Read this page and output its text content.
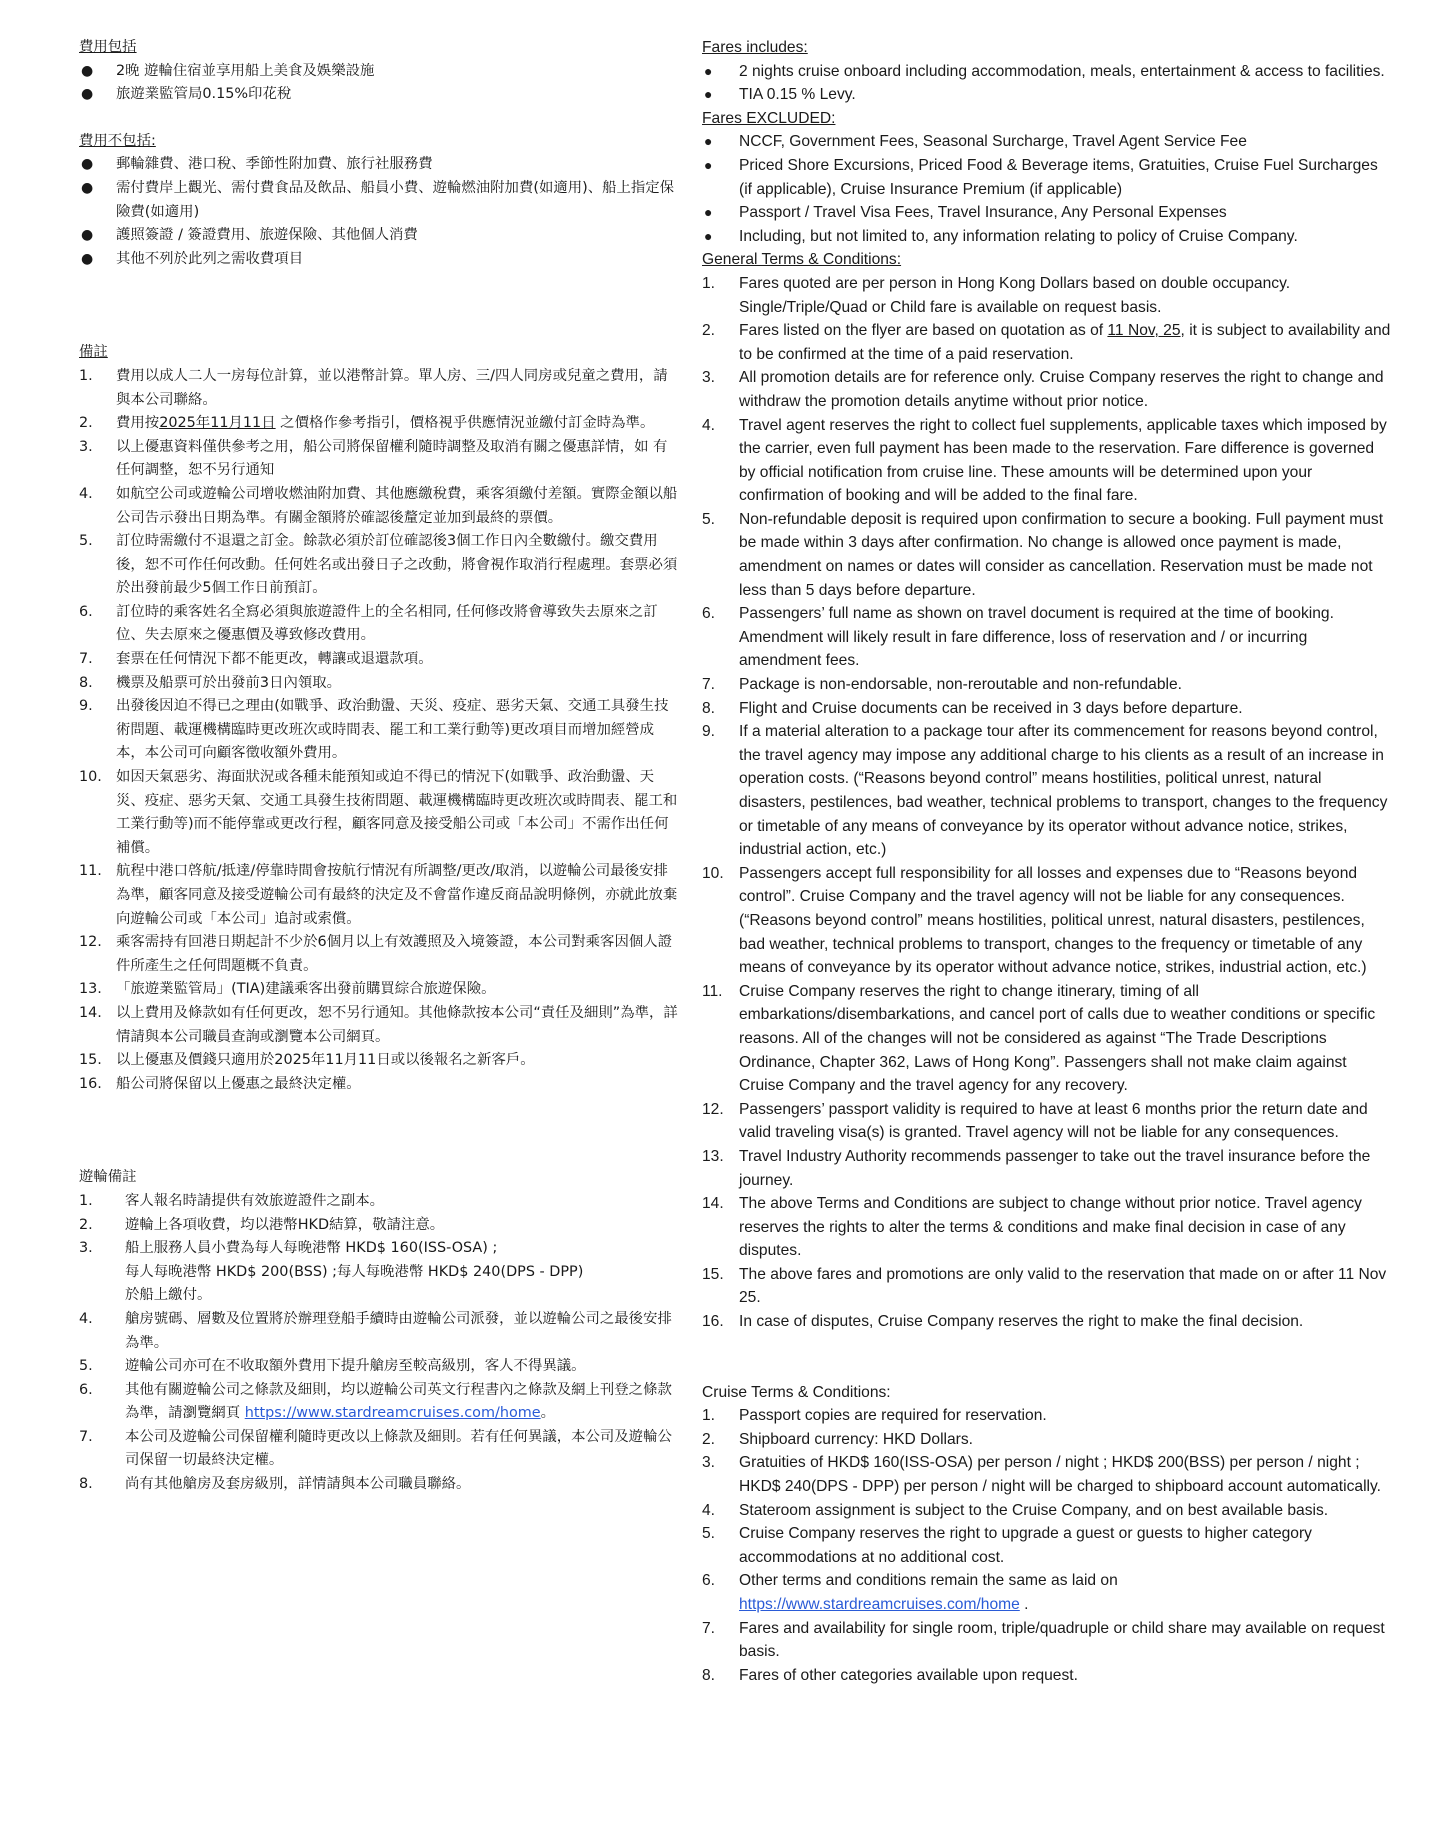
費用包括
● 2晚 遊輪住宿並享用船上美食及娛樂設施
● 旅遊業監管局0.15%印花稅
費用不包括:
● 郵輪雜費、港口稅、季節性附加費、旅行社服務費
● 需付費岸上觀光、需付費食品及飲品、船員小費、遊輪燃油附加費(如適用)、船上指定保險費(如適用)
● 護照簽證 / 簽證費用、旅遊保險、其他個人消費
● 其他不列於此列之需收費項目
備註
1. 費用以成人二人一房每位計算，並以港幣計算。單人房、三/四人同房或兒童之費用，請與本公司聯絡。
2. 費用按2025年11月11日 之價格作參考指引，價格視乎供應情況並繳付訂金時為準。
3. 以上優惠資料僅供參考之用，船公司將保留權利隨時調整及取消有關之優惠詳情，如 有任何調整，恕不另行通知
4. 如航空公司或遊輪公司增收燃油附加費、其他應繳稅費，乘客須繳付差額。實際金額以船公司告示發出日期為準。有關金額將於確認後釐定並加到最終的票價。
5. 訂位時需繳付不退還之訂金。餘款必須於訂位確認後3個工作日內全數繳付。繳交費用後，恕不可作任何改動。任何姓名或出發日子之改動，將會視作取消行程處理。套票必須於出發前最少5個工作日前預訂。
6. 訂位時的乘客姓名全寫必須與旅遊證件上的全名相同, 任何修改將會導致失去原來之訂位、失去原來之優惠價及導致修改費用。
7. 套票在任何情況下都不能更改，轉讓或退還款項。
8. 機票及船票可於出發前3日內領取。
9. 出發後因迫不得已之理由(如戰爭、政治動盪、天災、疫症、惡劣天氣、交通工具發生技術問題、載運機構臨時更改班次或時間表、罷工和工業行動等)更改項目而增加經營成本，本公司可向顧客徵收額外費用。
10. 如因天氣惡劣、海面狀況或各種未能預知或迫不得已的情況下(如戰爭、政治動盪、天災、疫症、惡劣天氣、交通工具發生技術問題、載運機構臨時更改班次或時間表、罷工和工業行動等)而不能停靠或更改行程，顧客同意及接受船公司或「本公司」不需作出任何補償。
11. 航程中港口啓航/抵達/停靠時間會按航行情況有所調整/更改/取消，以遊輪公司最後安排為準，顧客同意及接受遊輪公司有最終的決定及不會當作違反商品說明條例，亦就此放棄向遊輪公司或「本公司」追討或索償。
12. 乘客需持有回港日期起計不少於6個月以上有效護照及入境簽證，本公司對乘客因個人證件所產生之任何問題概不負責。
13. 「旅遊業監管局」(TIA)建議乘客出發前購買綜合旅遊保險。
14. 以上費用及條款如有任何更改，恕不另行通知。其他條款按本公司“責任及細則”為準，詳情請與本公司職員查詢或瀏覽本公司網頁。
15. 以上優惠及價錢只適用於2025年11月11日或以後報名之新客戶。
16. 船公司將保留以上優惠之最終決定權。
遊輪備註
1. 客人報名時請提供有效旅遊證件之副本。
2. 遊輪上各項收費，均以港幣HKD結算，敬請注意。
3. 船上服務人員小費為每人每晚港幣 HKD$ 160(ISS-OSA) ;
每人每晚港幣 HKD$ 200(BSS) ;每人每晚港幣 HKD$ 240(DPS - DPP)
於船上繳付。
4. 艙房號碼、層數及位置將於辦理登船手續時由遊輪公司派發，並以遊輪公司之最後安排為準。
5. 遊輪公司亦可在不收取額外費用下提升艙房至較高級別，客人不得異議。
6. 其他有關遊輪公司之條款及細則，均以遊輪公司英文行程書內之條款及網上刊登之條款為準，請瀏覽網頁 https://www.stardreamcruises.com/home。
7. 本公司及遊輪公司保留權利隨時更改以上條款及細則。若有任何異議，本公司及遊輪公司保留一切最終決定權。
8. 尚有其他艙房及套房級別，詳情請與本公司職員聯絡。
Fares includes:
● 2 nights cruise onboard including accommodation, meals, entertainment & access to facilities.
● TIA 0.15 % Levy.
Fares EXCLUDED:
● NCCF, Government Fees, Seasonal Surcharge, Travel Agent Service Fee
● Priced Shore Excursions, Priced Food & Beverage items, Gratuities, Cruise Fuel Surcharges (if applicable), Cruise Insurance Premium (if applicable)
● Passport / Travel Visa Fees, Travel Insurance, Any Personal Expenses
● Including, but not limited to, any information relating to policy of Cruise Company.
General Terms & Conditions:
1. Fares quoted are per person in Hong Kong Dollars based on double occupancy. Single/Triple/Quad or Child fare is available on request basis.
2. Fares listed on the flyer are based on quotation as of 11 Nov, 25, it is subject to availability and to be confirmed at the time of a paid reservation.
3. All promotion details are for reference only. Cruise Company reserves the right to change and withdraw the promotion details anytime without prior notice.
4. Travel agent reserves the right to collect fuel supplements, applicable taxes which imposed by the carrier, even full payment has been made to the reservation. Fare difference is governed by official notification from cruise line. These amounts will be determined upon your confirmation of booking and will be added to the final fare.
5. Non-refundable deposit is required upon confirmation to secure a booking. Full payment must be made within 3 days after confirmation. No change is allowed once payment is made, amendment on names or dates will consider as cancellation. Reservation must be made not less than 5 days before departure.
6. Passengers’ full name as shown on travel document is required at the time of booking. Amendment will likely result in fare difference, loss of reservation and / or incurring amendment fees.
7. Package is non-endorsable, non-reroutable and non-refundable.
8. Flight and Cruise documents can be received in 3 days before departure.
9. If a material alteration to a package tour after its commencement for reasons beyond control, the travel agency may impose any additional charge to his clients as a result of an increase in operation costs. (“Reasons beyond control” means hostilities, political unrest, natural disasters, pestilences, bad weather, technical problems to transport, changes to the frequency or timetable of any means of conveyance by its operator without advance notice, strikes, industrial action, etc.)
10. Passengers accept full responsibility for all losses and expenses due to “Reasons beyond control”. Cruise Company and the travel agency will not be liable for any consequences. (“Reasons beyond control” means hostilities, political unrest, natural disasters, pestilences, bad weather, technical problems to transport, changes to the frequency or timetable of any means of conveyance by its operator without advance notice, strikes, industrial action, etc.)
11. Cruise Company reserves the right to change itinerary, timing of all embarkations/disembarkations, and cancel port of calls due to weather conditions or specific reasons. All of the changes will not be considered as against “The Trade Descriptions Ordinance, Chapter 362, Laws of Hong Kong”. Passengers shall not make claim against Cruise Company and the travel agency for any recovery.
12. Passengers’ passport validity is required to have at least 6 months prior the return date and valid traveling visa(s) is granted. Travel agency will not be liable for any consequences.
13. Travel Industry Authority recommends passenger to take out the travel insurance before the journey.
14. The above Terms and Conditions are subject to change without prior notice. Travel agency reserves the rights to alter the terms & conditions and make final decision in case of any disputes.
15. The above fares and promotions are only valid to the reservation that made on or after 11 Nov 25.
16. In case of disputes, Cruise Company reserves the right to make the final decision.
Cruise Terms & Conditions:
1. Passport copies are required for reservation.
2. Shipboard currency: HKD Dollars.
3. Gratuities of HKD$ 160(ISS-OSA) per person / night ; HKD$ 200(BSS) per person / night ; HKD$ 240(DPS - DPP) per person / night will be charged to shipboard account automatically.
4. Stateroom assignment is subject to the Cruise Company, and on best available basis.
5. Cruise Company reserves the right to upgrade a guest or guests to higher category accommodations at no additional cost.
6. Other terms and conditions remain the same as laid on
https://www.stardreamcruises.com/home .
7. Fares and availability for single room, triple/quadruple or child share may available on request basis.
8. Fares of other categories available upon request.
